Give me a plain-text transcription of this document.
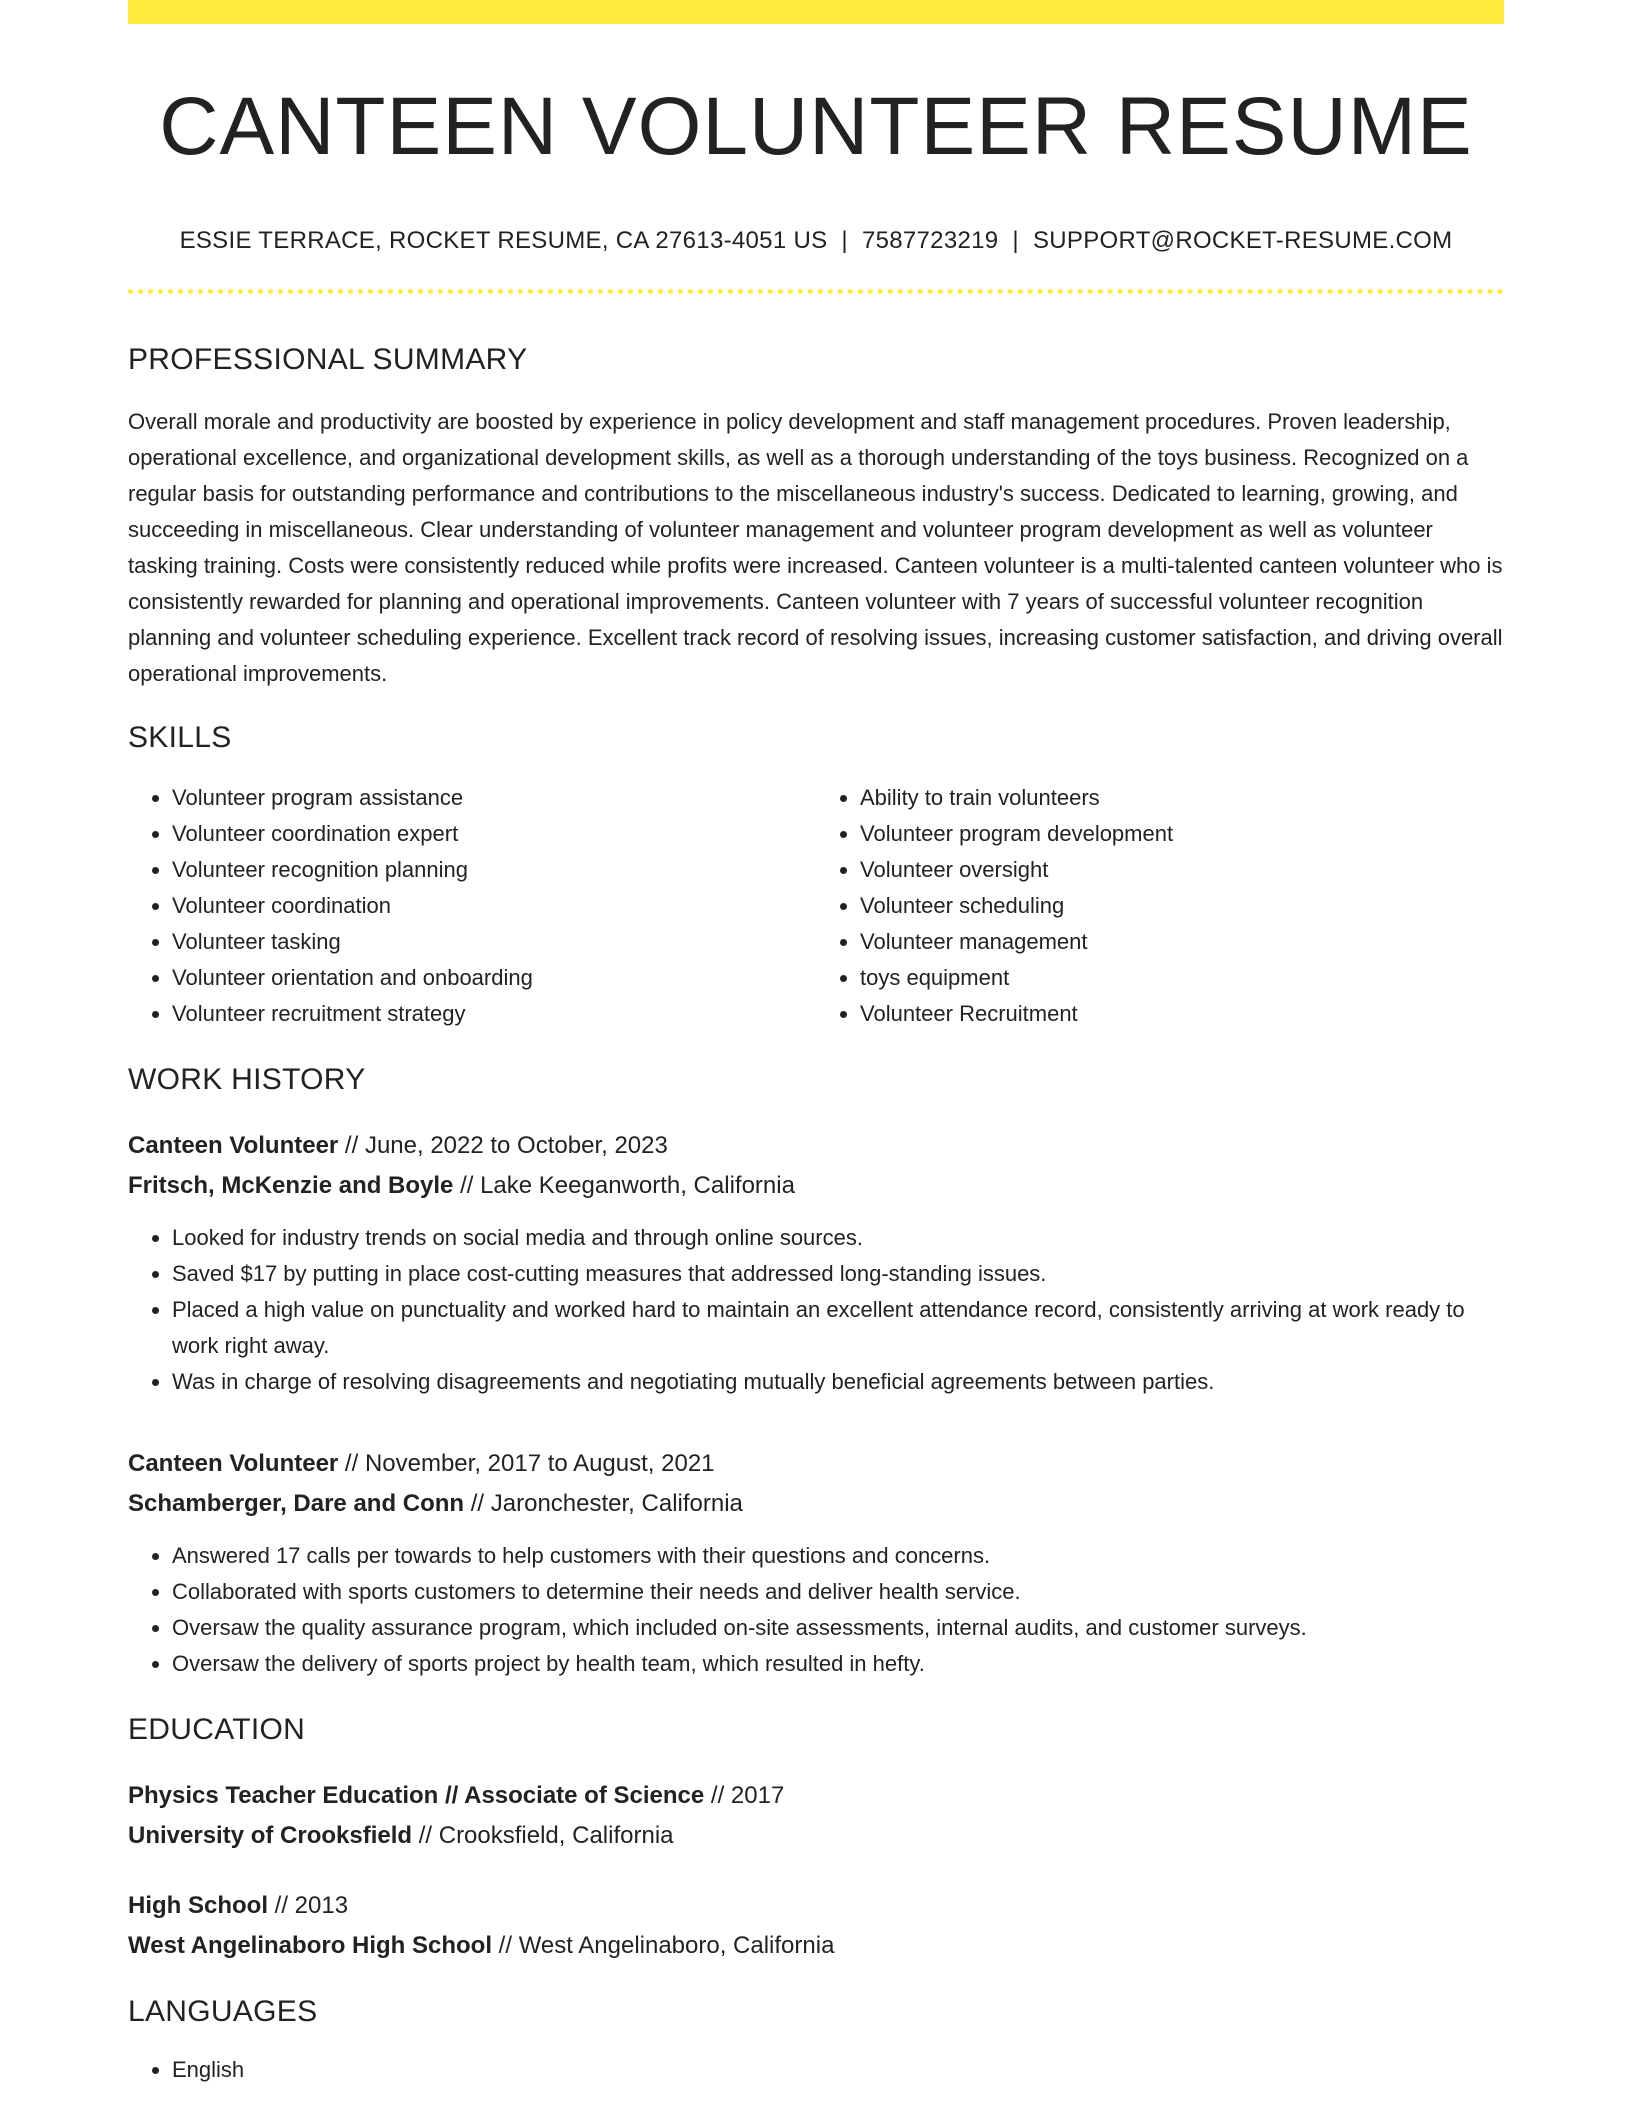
CANTEEN VOLUNTEER RESUME
ESSIE TERRACE, ROCKET RESUME, CA 27613-4051 US | 7587723219 | SUPPORT@ROCKET-RESUME.COM
PROFESSIONAL SUMMARY

Overall morale and productivity are boosted by experience in policy development and staff management procedures. Proven leadership, operational excellence, and organizational development skills, as well as a thorough understanding of the toys business. Recognized on a regular basis for outstanding performance and contributions to the miscellaneous industry's success. Dedicated to learning, growing, and succeeding in miscellaneous. Clear understanding of volunteer management and volunteer program development as well as volunteer tasking training. Costs were consistently reduced while profits were increased. Canteen volunteer is a multi-talented canteen volunteer who is consistently rewarded for planning and operational improvements. Canteen volunteer with 7 years of successful volunteer recognition planning and volunteer scheduling experience. Excellent track record of resolving issues, increasing customer satisfaction, and driving overall operational improvements.

SKILLS
• Volunteer program assistance
• Volunteer coordination expert
• Volunteer recognition planning
• Volunteer coordination
• Volunteer tasking
• Volunteer orientation and onboarding
• Volunteer recruitment strategy
• Ability to train volunteers
• Volunteer program development
• Volunteer oversight
• Volunteer scheduling
• Volunteer management
• toys equipment
• Volunteer Recruitment
WORK HISTORY
Canteen Volunteer // June, 2022 to October, 2023
Fritsch, McKenzie and Boyle // Lake Keeganworth, California
• Looked for industry trends on social media and through online sources.
• Saved $17 by putting in place cost-cutting measures that addressed long-standing issues.
• Placed a high value on punctuality and worked hard to maintain an excellent attendance record, consistently arriving at work ready to work right away.
• Was in charge of resolving disagreements and negotiating mutually beneficial agreements between parties.
Canteen Volunteer // November, 2017 to August, 2021
Schamberger, Dare and Conn // Jaronchester, California
• Answered 17 calls per towards to help customers with their questions and concerns.
• Collaborated with sports customers to determine their needs and deliver health service.
• Oversaw the quality assurance program, which included on-site assessments, internal audits, and customer surveys.
• Oversaw the delivery of sports project by health team, which resulted in hefty.
EDUCATION
Physics Teacher Education // Associate of Science // 2017
University of Crooksfield // Crooksfield, California
High School // 2013
West Angelinaboro High School // West Angelinaboro, California
LANGUAGES
• English
